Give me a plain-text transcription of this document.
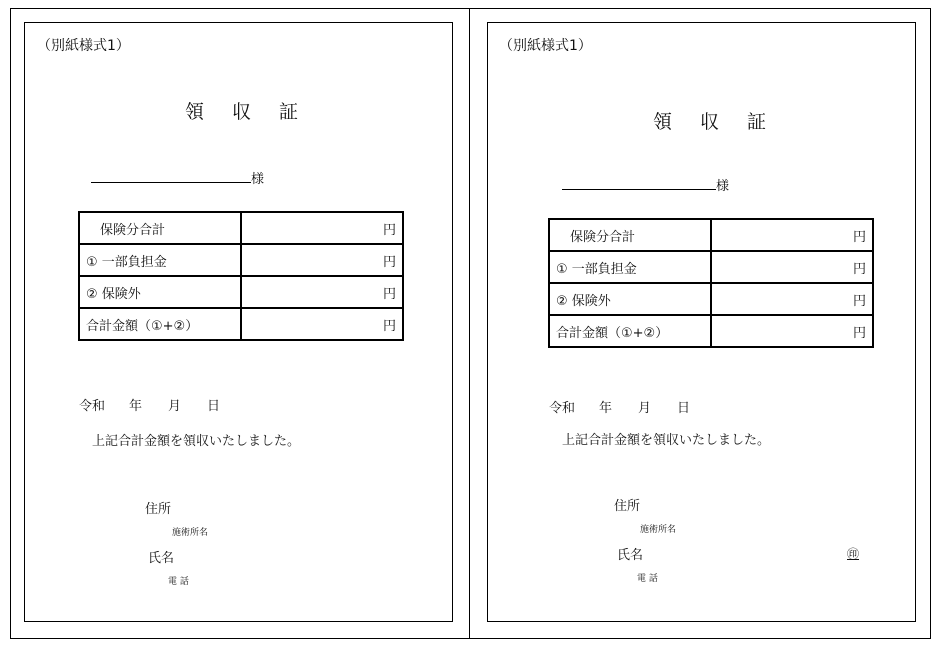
（別紙様式1）
領 収 証
様
保険分合計	円
① 一部負担金	円
② 保険外	円
合計金額（①+②）	円
令和 年 月 日
上記合計金額を領収いたしました。
住所
施術所名
氏名
電 話
（別紙様式1）
領 収 証
様
保険分合計	円
① 一部負担金	円
② 保険外	円
合計金額（①+②）	円
令和 年 月 日
上記合計金額を領収いたしました。
住所
施術所名
氏名	㊞
電 話
